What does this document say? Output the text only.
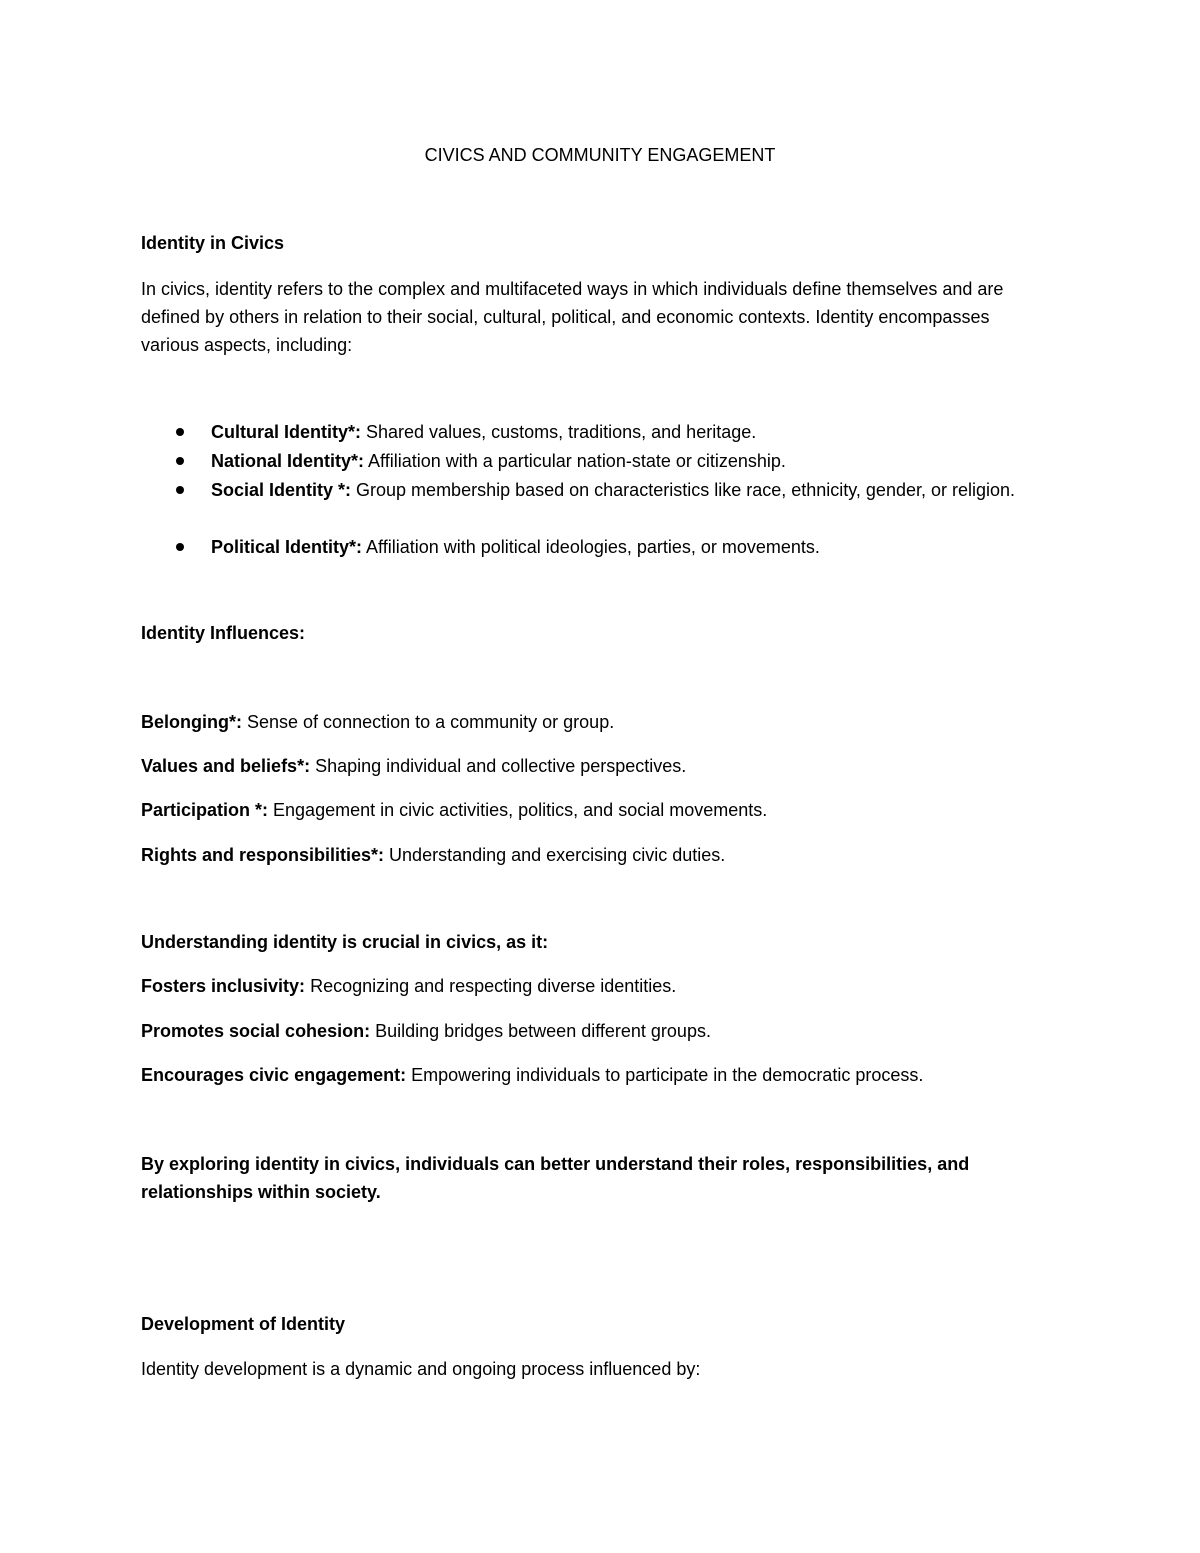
CIVICS AND COMMUNITY ENGAGEMENT
Identity in Civics
In civics, identity refers to the complex and multifaceted ways in which individuals define themselves and are defined by others in relation to their social, cultural, political, and economic contexts. Identity encompasses various aspects, including:
Cultural Identity*: Shared values, customs, traditions, and heritage.
National Identity*: Affiliation with a particular nation-state or citizenship.
Social Identity *: Group membership based on characteristics like race, ethnicity, gender, or religion.
Political Identity*: Affiliation with political ideologies, parties, or movements.
Identity Influences:
Belonging*: Sense of connection to a community or group.
Values and beliefs*: Shaping individual and collective perspectives.
Participation *: Engagement in civic activities, politics, and social movements.
Rights and responsibilities*: Understanding and exercising civic duties.
Understanding identity is crucial in civics, as it:
Fosters inclusivity: Recognizing and respecting diverse identities.
Promotes social cohesion: Building bridges between different groups.
Encourages civic engagement: Empowering individuals to participate in the democratic process.
By exploring identity in civics, individuals can better understand their roles, responsibilities, and relationships within society.
Development of Identity
Identity development is a dynamic and ongoing process influenced by:
